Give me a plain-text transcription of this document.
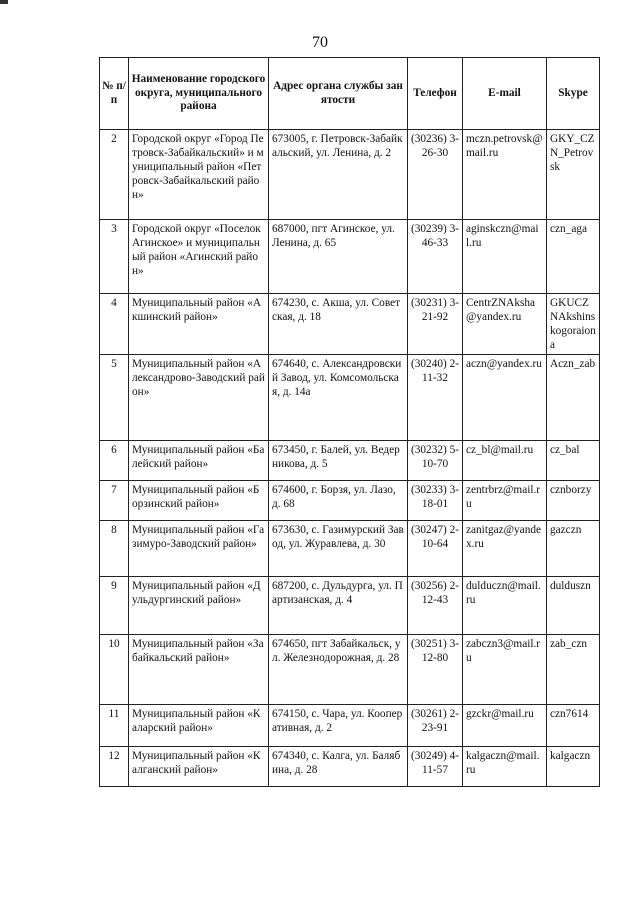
70
№ п/п	Наименование городского округа, муниципального района	Адрес органа службы занятости	Телефон	E-mail	Skype
2	Городской округ «Город Петровск-Забайкальский» и муниципальный район «Петровск-Забайкальский район»	673005, г. Петровск-Забайкальский, ул. Ленина, д. 2	(30236) 3-26-30	mczn.petrovsk@mail.ru	GKY_CZN_Petrovsk
3	Городской округ «Поселок Агинское» и муниципальный район «Агинский район»	687000, пгт Агинское, ул. Ленина, д. 65	(30239) 3-46-33	aginskczn@mail.ru	czn_aga
4	Муниципальный район «Акшинский район»	674230, с. Акша, ул. Советская, д. 18	(30231) 3-21-92	CentrZNAksha@yandex.ru	GKUCZNAkshinskogoraiona
5	Муниципальный район «Александрово-Заводский район»	674640, с. Александровский Завод, ул. Комсомольская, д. 14а	(30240) 2-11-32	aczn@yandex.ru	Aczn_zab
6	Муниципальный район «Балейский район»	673450, г. Балей, ул. Ведерникова, д. 5	(30232) 5-10-70	cz_bl@mail.ru	cz_bal
7	Муниципальный район «Борзинский район»	674600, г. Борзя, ул. Лазо, д. 68	(30233) 3-18-01	zentrbrz@mail.ru	cznborzy
8	Муниципальный район «Газимуро-Заводский район»	673630, с. Газимурский Завод, ул. Журавлева, д. 30	(30247) 2-10-64	zanitgaz@yandex.ru	gazczn
9	Муниципальный район «Дульдургинский район»	687200, с. Дульдурга, ул. Партизанская, д. 4	(30256) 2-12-43	dulduczn@mail.ru	dulduszn
10	Муниципальный район «Забайкальский район»	674650, пгт Забайкальск, ул. Железнодорожная, д. 28	(30251) 3-12-80	zabczn3@mail.ru	zab_czn
11	Муниципальный район «Каларский район»	674150, с. Чара, ул. Кооперативная, д. 2	(30261) 2-23-91	gzckr@mail.ru	czn7614
12	Муниципальный район «Калганский район»	674340, с. Калга, ул. Балябина, д. 28	(30249) 4-11-57	kalgaczn@mail.ru	kalgaczn
